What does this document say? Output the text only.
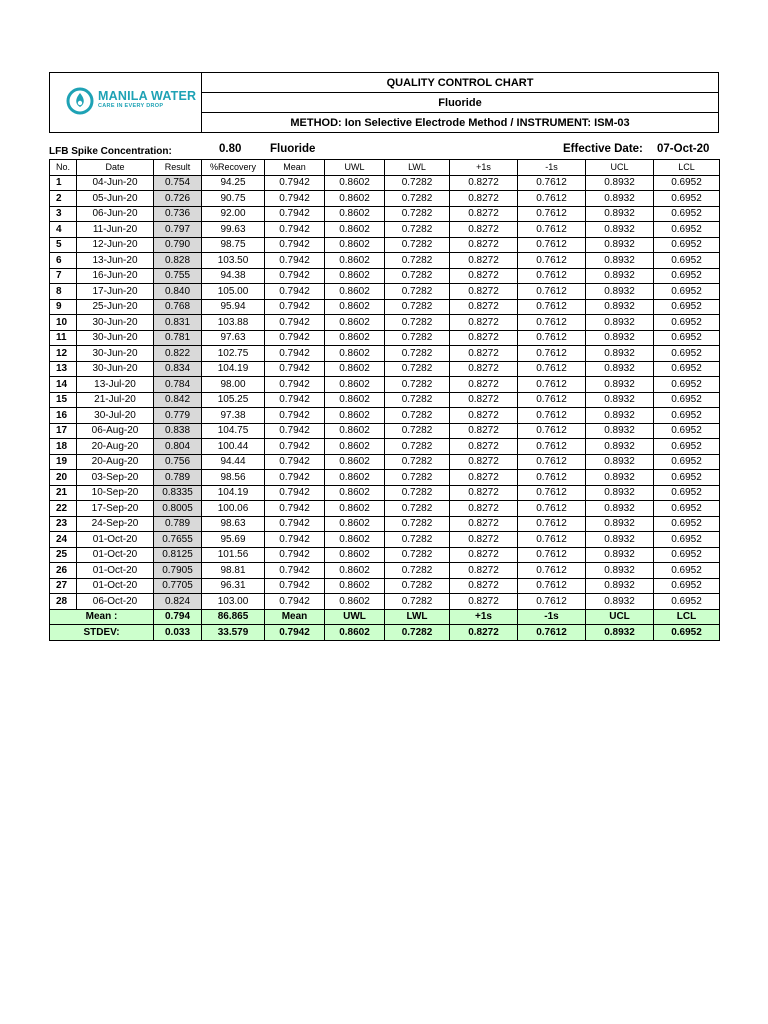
MANILA WATER
CARE IN EVERY DROP
QUALITY CONTROL CHART
Fluoride
METHOD: Ion Selective Electrode Method / INSTRUMENT: ISM-03
LFB Spike Concentration:	0.80 Fluoride	Effective Date: 07-Oct-20
No.	Date	Result	%Recovery	Mean	UWL	LWL	+1s	-1s	UCL	LCL
1	04-Jun-20	0.754	94.25	0.7942	0.8602	0.7282	0.8272	0.7612	0.8932	0.6952
2	05-Jun-20	0.726	90.75	0.7942	0.8602	0.7282	0.8272	0.7612	0.8932	0.6952
3	06-Jun-20	0.736	92.00	0.7942	0.8602	0.7282	0.8272	0.7612	0.8932	0.6952
4	11-Jun-20	0.797	99.63	0.7942	0.8602	0.7282	0.8272	0.7612	0.8932	0.6952
5	12-Jun-20	0.790	98.75	0.7942	0.8602	0.7282	0.8272	0.7612	0.8932	0.6952
6	13-Jun-20	0.828	103.50	0.7942	0.8602	0.7282	0.8272	0.7612	0.8932	0.6952
7	16-Jun-20	0.755	94.38	0.7942	0.8602	0.7282	0.8272	0.7612	0.8932	0.6952
8	17-Jun-20	0.840	105.00	0.7942	0.8602	0.7282	0.8272	0.7612	0.8932	0.6952
9	25-Jun-20	0.768	95.94	0.7942	0.8602	0.7282	0.8272	0.7612	0.8932	0.6952
10	30-Jun-20	0.831	103.88	0.7942	0.8602	0.7282	0.8272	0.7612	0.8932	0.6952
11	30-Jun-20	0.781	97.63	0.7942	0.8602	0.7282	0.8272	0.7612	0.8932	0.6952
12	30-Jun-20	0.822	102.75	0.7942	0.8602	0.7282	0.8272	0.7612	0.8932	0.6952
13	30-Jun-20	0.834	104.19	0.7942	0.8602	0.7282	0.8272	0.7612	0.8932	0.6952
14	13-Jul-20	0.784	98.00	0.7942	0.8602	0.7282	0.8272	0.7612	0.8932	0.6952
15	21-Jul-20	0.842	105.25	0.7942	0.8602	0.7282	0.8272	0.7612	0.8932	0.6952
16	30-Jul-20	0.779	97.38	0.7942	0.8602	0.7282	0.8272	0.7612	0.8932	0.6952
17	06-Aug-20	0.838	104.75	0.7942	0.8602	0.7282	0.8272	0.7612	0.8932	0.6952
18	20-Aug-20	0.804	100.44	0.7942	0.8602	0.7282	0.8272	0.7612	0.8932	0.6952
19	20-Aug-20	0.756	94.44	0.7942	0.8602	0.7282	0.8272	0.7612	0.8932	0.6952
20	03-Sep-20	0.789	98.56	0.7942	0.8602	0.7282	0.8272	0.7612	0.8932	0.6952
21	10-Sep-20	0.8335	104.19	0.7942	0.8602	0.7282	0.8272	0.7612	0.8932	0.6952
22	17-Sep-20	0.8005	100.06	0.7942	0.8602	0.7282	0.8272	0.7612	0.8932	0.6952
23	24-Sep-20	0.789	98.63	0.7942	0.8602	0.7282	0.8272	0.7612	0.8932	0.6952
24	01-Oct-20	0.7655	95.69	0.7942	0.8602	0.7282	0.8272	0.7612	0.8932	0.6952
25	01-Oct-20	0.8125	101.56	0.7942	0.8602	0.7282	0.8272	0.7612	0.8932	0.6952
26	01-Oct-20	0.7905	98.81	0.7942	0.8602	0.7282	0.8272	0.7612	0.8932	0.6952
27	01-Oct-20	0.7705	96.31	0.7942	0.8602	0.7282	0.8272	0.7612	0.8932	0.6952
28	06-Oct-20	0.824	103.00	0.7942	0.8602	0.7282	0.8272	0.7612	0.8932	0.6952
Mean :		0.794	86.865	Mean	UWL	LWL	+1s	-1s	UCL	LCL
STDEV:		0.033	33.579	0.7942	0.8602	0.7282	0.8272	0.7612	0.8932	0.6952
